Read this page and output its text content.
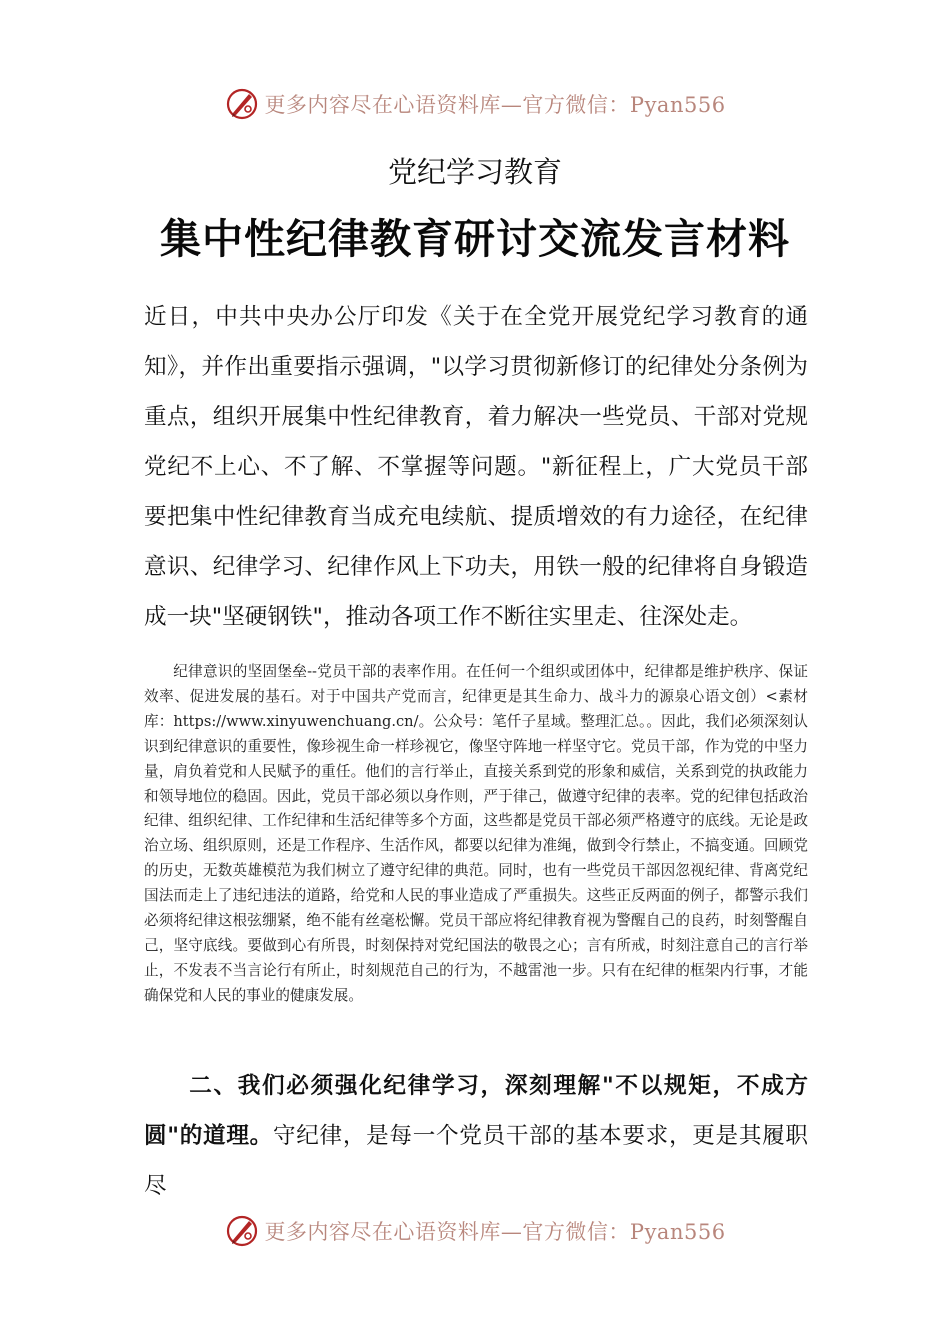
更多内容尽在心语资料库—官方微信：Pyan556
党纪学习教育
集中性纪律教育研讨交流发言材料

近日，中共中央办公厅印发《关于在全党开展党纪学习教育的通知》，并作出重要指示强调，"以学习贯彻新修订的纪律处分条例为重点，组织开展集中性纪律教育，着力解决一些党员、干部对党规党纪不上心、不了解、不掌握等问题。"新征程上，广大党员干部要把集中性纪律教育当成充电续航、提质增效的有力途径，在纪律意识、纪律学习、纪律作风上下功夫，用铁一般的纪律将自身锻造成一块"坚硬钢铁"，推动各项工作不断往实里走、往深处走。

纪律意识的坚固堡垒--党员干部的表率作用。在任何一个组织或团体中，纪律都是维护秩序、保证效率、促进发展的基石。对于中国共产党而言，纪律更是其生命力、战斗力的源泉心语文创）<素材库：https://www.xinyuwenchuang.cn/。公众号：笔仟子星域。整理汇总。。因此，我们必须深刻认识到纪律意识的重要性，像珍视生命一样珍视它，像坚守阵地一样坚守它。党员干部，作为党的中坚力量，肩负着党和人民赋予的重任。他们的言行举止，直接关系到党的形象和威信，关系到党的执政能力和领导地位的稳固。因此，党员干部必须以身作则，严于律己，做遵守纪律的表率。党的纪律包括政治纪律、组织纪律、工作纪律和生活纪律等多个方面，这些都是党员干部必须严格遵守的底线。无论是政治立场、组织原则，还是工作程序、生活作风，都要以纪律为准绳，做到令行禁止，不搞变通。回顾党的历史，无数英雄模范为我们树立了遵守纪律的典范。同时，也有一些党员干部因忽视纪律、背离党纪国法而走上了违纪违法的道路，给党和人民的事业造成了严重损失。这些正反两面的例子，都警示我们必须将纪律这根弦绷紧，绝不能有丝毫松懈。党员干部应将纪律教育视为警醒自己的良药，时刻警醒自己，坚守底线。要做到心有所畏，时刻保持对党纪国法的敬畏之心；言有所戒，时刻注意自己的言行举止，不发表不当言论行有所止，时刻规范自己的行为，不越雷池一步。只有在纪律的框架内行事，才能确保党和人民的事业的健康发展。

二、我们必须强化纪律学习，深刻理解"不以规矩，不成方圆"的道理。守纪律，是每一个党员干部的基本要求，更是其履职尽

更多内容尽在心语资料库—官方微信：Pyan556
